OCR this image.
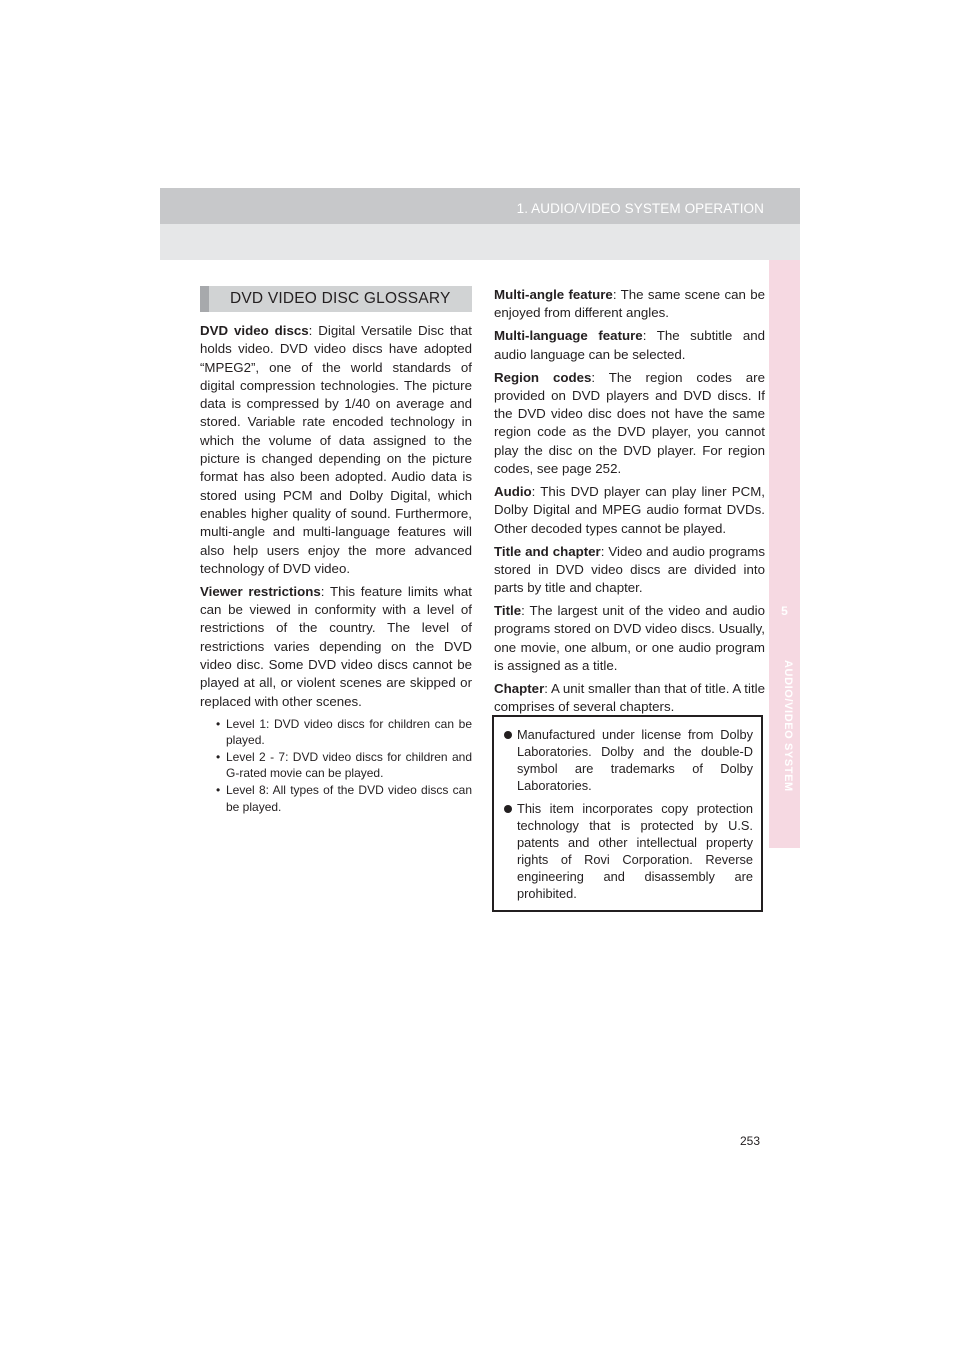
1. AUDIO/VIDEO SYSTEM OPERATION
5
AUDIO/VIDEO SYSTEM
DVD VIDEO DISC GLOSSARY

DVD video discs: Digital Versatile Disc that holds video. DVD video discs have adopted “MPEG2”, one of the world standards of digital compression technologies. The picture data is compressed by 1/40 on average and stored. Variable rate encoded technology in which the volume of data assigned to the picture is changed depending on the picture format has also been adopted. Audio data is stored using PCM and Dolby Digital, which enables higher quality of sound. Furthermore, multi-angle and multi-language features will also help users enjoy the more advanced technology of DVD video.

Viewer restrictions: This feature limits what can be viewed in conformity with a level of restrictions of the country. The level of restrictions varies depending on the DVD video disc. Some DVD video discs cannot be played at all, or violent scenes are skipped or replaced with other scenes.

• Level 1: DVD video discs for children can be played.
• Level 2 - 7: DVD video discs for children and G-rated movie can be played.
• Level 8: All types of the DVD video discs can be played.

Multi-angle feature: The same scene can be enjoyed from different angles.

Multi-language feature: The subtitle and audio language can be selected.

Region codes: The region codes are provided on DVD players and DVD discs. If the DVD video disc does not have the same region code as the DVD player, you cannot play the disc on the DVD player. For region codes, see page 252.

Audio: This DVD player can play liner PCM, Dolby Digital and MPEG audio format DVDs. Other decoded types cannot be played.

Title and chapter: Video and audio programs stored in DVD video discs are divided into parts by title and chapter.

Title: The largest unit of the video and audio programs stored on DVD video discs. Usually, one movie, one album, or one audio program is assigned as a title.

Chapter: A unit smaller than that of title. A title comprises of several chapters.

Manufactured under license from Dolby Laboratories. Dolby and the double-D symbol are trademarks of Dolby Laboratories.
This item incorporates copy protection technology that is protected by U.S. patents and other intellectual property rights of Rovi Corporation. Reverse engineering and disassembly are prohibited.
253
